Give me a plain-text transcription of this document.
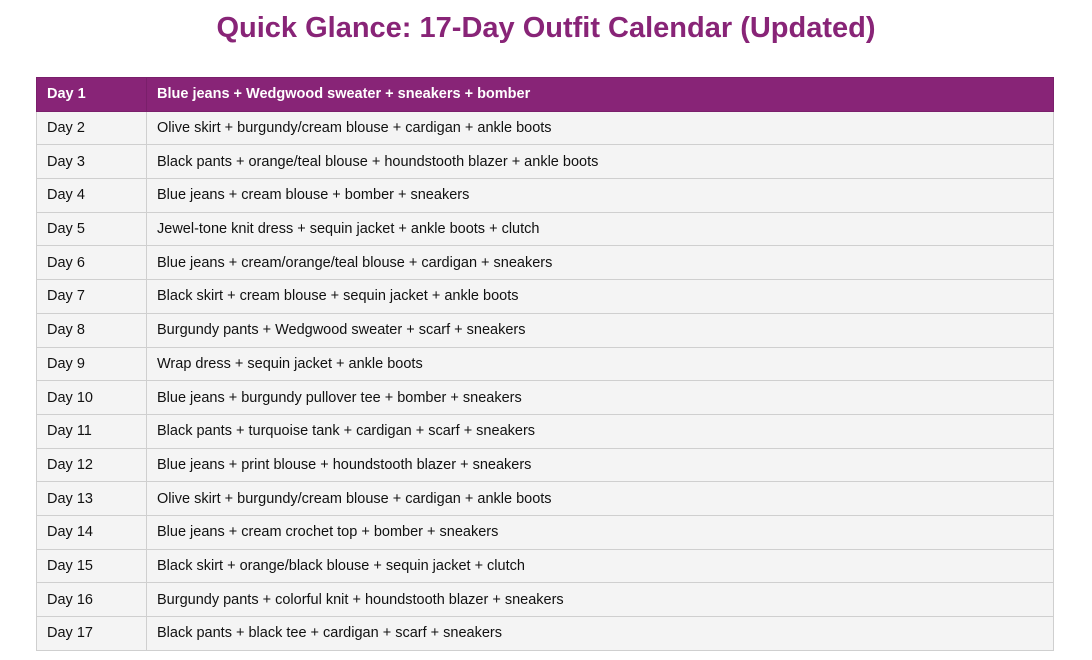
Quick Glance: 17-Day Outfit Calendar (Updated)
Day 1	Blue jeans + Wedgwood sweater + sneakers + bomber
Day 2	Olive skirt + burgundy/cream blouse + cardigan + ankle boots
Day 3	Black pants + orange/teal blouse + houndstooth blazer + ankle boots
Day 4	Blue jeans + cream blouse + bomber + sneakers
Day 5	Jewel-tone knit dress + sequin jacket + ankle boots + clutch
Day 6	Blue jeans + cream/orange/teal blouse + cardigan + sneakers
Day 7	Black skirt + cream blouse + sequin jacket + ankle boots
Day 8	Burgundy pants + Wedgwood sweater + scarf + sneakers
Day 9	Wrap dress + sequin jacket + ankle boots
Day 10	Blue jeans + burgundy pullover tee + bomber + sneakers
Day 11	Black pants + turquoise tank + cardigan + scarf + sneakers
Day 12	Blue jeans + print blouse + houndstooth blazer + sneakers
Day 13	Olive skirt + burgundy/cream blouse + cardigan + ankle boots
Day 14	Blue jeans + cream crochet top + bomber + sneakers
Day 15	Black skirt + orange/black blouse + sequin jacket + clutch
Day 16	Burgundy pants + colorful knit + houndstooth blazer + sneakers
Day 17	Black pants + black tee + cardigan + scarf + sneakers
